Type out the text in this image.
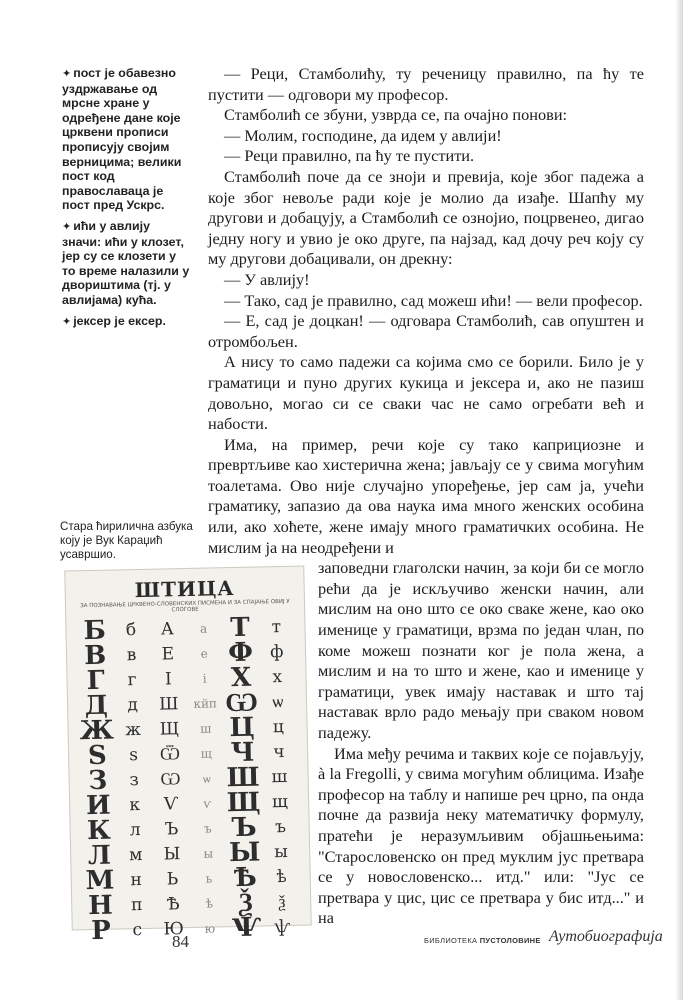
✦ пост је обавезно уздржавање од мрсне хране у одређене дане које црквени прописи прописују својим верницима; велики пост код православаца је пост пред Ускрс.
✦ ићи у авлију значи: ићи у клозет, јер су се клозети у то време налазили у двориштима (тј. у авлијама) кућа.
✦ јексер је ексер.
Стара ћирилична азбука коју је Вук Караџић усавршио.

— Реци, Стамболићу, ту реченицу правилно, па ћу те пустити — одговори му професор.

Стамболић се збуни, узврда се, па очајно понови:

— Молим, господине, да идем у авлији!

— Реци правилно, па ћу те пустити.

Стамболић поче да се зноји и превија, које због падежа а које због невоље ради које је молио да изађе. Шапћу му другови и добацују, а Стамболић се ознојио, поцрвенео, дигао једну ногу и увио је око друге, па најзад, кад дочу реч коју су му другови добацивали, он дрекну:

— У авлију!

— Тако, сад је правилно, сад можеш ићи! — вели професор.

— Е, сад је доцкан! — одговара Стамболић, сав опуштен и отромбољен.

А нису то само падежи са којима смо се борили. Било је у граматици и пуно других кукица и јексера и, ако не пазиш довољно, могао си се сваки час не само огребати већ и набости.

Има, на пример, речи које су тако каприциозне и превртљиве као хистерична жена; јављају се у свима могућим тоалетама. Ово није случајно упоређење, јер сам ја, учећи граматику, запазио да ова наука има много женских особина или, ако хоћете, жене имају много граматичких особина. Не мислим ја на неодређени и

заповедни глаголски начин, за који би се могло рећи да је искључиво женски начин, али мислим на оно што се око сваке жене, као око именице у граматици, врзма по један члан, по коме можеш познати ког је пола жена, а мислим и на то што и жене, као и именице у граматици, увек имају наставак и што тај наставак врло радо мењају при сваком новом падежу.

Има међу речима и таквих које се појављују, à la Fregolli, у свима могућим облицима. Изађе професор на таблу и напише реч црно, па онда почне да развија неку математичку формулу, пратећи је неразумљивим објашњењима: "Старословенско он пред муклим јус претвара се у новословенско... итд." или: "Јус се претвара у цис, цис се претвара у бис итд..." и на

ШТИЦА
ЗА ПОЗНАВАЊЕ ЦРКВЕНО-СЛОВЕНСКИХ ПИСМЕНА И ЗА СПАЈАЊЕ ОВИЈ У СЛОГОВЕ
Б
В
Г
Д
Ж
Ѕ
З
И
К
Л
М
Н
Р
б
в
г
д
ж
ѕ
з
к
л
м
н
п
с
А
Е
І
Ш
Щ
Ѿ
Ѡ
Ѵ
Ъ
Ы
Ь
Ѣ
Ю
а
е
і
кйп
ш
щ
ѡ
ѵ
ъ
ы
ь
ѣ
ю
Т
Ф
Х
Ѡ
Ц
Ч
Ш
Щ
Ъ
Ы
Ѣ
Ѯ
Ѱ
т
ф
х
ѡ
ц
ч
ш
щ
ъ
ы
ѣ
ѯ
ѱ
84	БИБЛИОТЕКА ПУСТОЛОВИНЕ Аутобиографија
